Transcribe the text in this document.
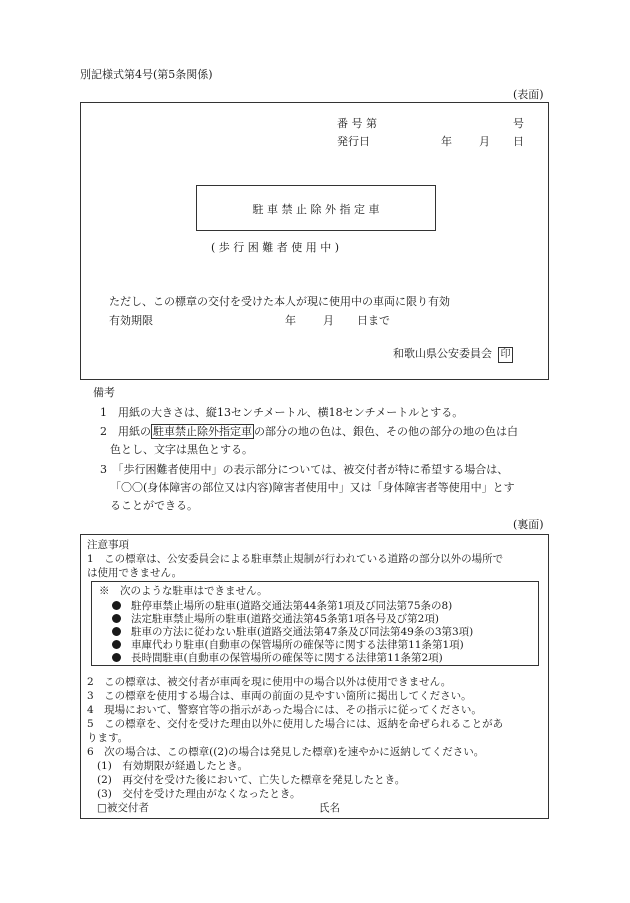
別記様式第4号(第5条関係)
(表面)
番 号 第	号
発行日	年 月 日
駐 車 禁 止 除 外 指 定 車
( 歩 行 困 難 者 使 用 中 )
ただし、この標章の交付を受けた本人が現に使用中の車両に限り有効
有効期限	年 月 日まで
和歌山県公安委員会 印
備考
1　用紙の大きさは、縦13センチメートル、横18センチメートルとする。
2　用紙の 駐車禁止除外指定車 の部分の地の色は、銀色、その他の部分の地の色は白
色とし、文字は黒色とする。
3　「歩行困難者使用中」の表示部分については、被交付者が特に希望する場合は、
「〇〇(身体障害の部位又は内容)障害者使用中」又は「身体障害者等使用中」とす
ることができる。
(裏面)
注意事項
1　この標章は、公安委員会による駐車禁止規制が行われている道路の部分以外の場所で
は使用できません。
※　次のような駐車はできません。
駐停車禁止場所の駐車(道路交通法第44条第1項及び同法第75条の8)
法定駐車禁止場所の駐車(道路交通法第45条第1項各号及び第2項)
駐車の方法に従わない駐車(道路交通法第47条及び同法第49条の3第3項)
車庫代わり駐車(自動車の保管場所の確保等に関する法律第11条第1項)
長時間駐車(自動車の保管場所の確保等に関する法律第11条第2項)
2　この標章は、被交付者が車両を現に使用中の場合以外は使用できません。
3　この標章を使用する場合は、車両の前面の見やすい箇所に掲出してください。
4　現場において、警察官等の指示があった場合には、その指示に従ってください。
5　この標章を、交付を受けた理由以外に使用した場合には、返納を命ぜられることがあ
ります。
6　次の場合は、この標章((2)の場合は発見した標章)を速やかに返納してください。
(1)　有効期限が経過したとき。
(2)　再交付を受けた後において、亡失した標章を発見したとき。
(3)　交付を受けた理由がなくなったとき。
□被交付者	氏名
